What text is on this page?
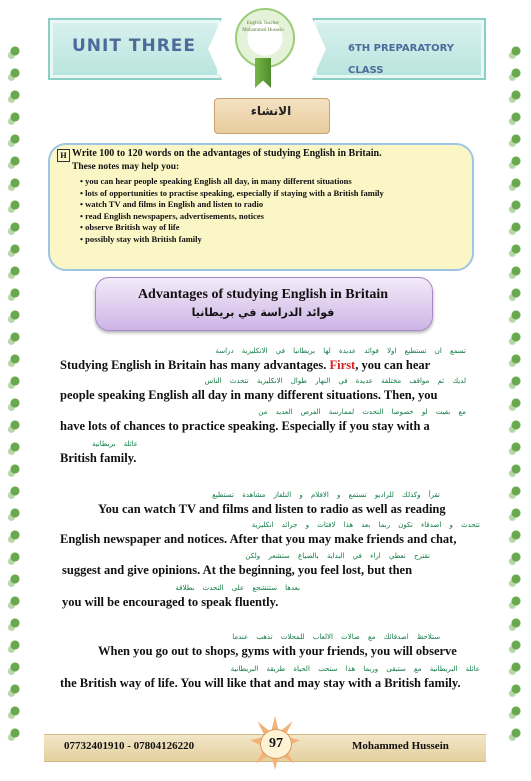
UNIT THREE	6TH PREPARATORY
CLASS
English Teacher Mohammed Hussein
الانشاء
H Write 100 to 120 words on the advantages of studying English in Britain.
These notes may help you:
• you can hear people speaking English all day, in many different situations
• lots of opportunities to practise speaking, especially if staying with a British family
• watch TV and films in English and listen to radio
• read English newspapers, advertisements, notices
• observe British way of life
• possibly stay with British family
Advantages of studying English in Britain
فوائد الدراسة في بريطانيا
تسمع ان تستطيع اولا فوائد عديدة لها بريطانيا في الانكليزية دراسة
Studying English in Britain has many advantages. First, you can hear
لديك ثم مواقف مختلفة عديدة في النهار طوال الانكليزية تتحدث الناس
people speaking English all day in many different situations. Then, you
مع بقيت لو خصوصا التحدث لممارسة الفرص العديد من
have lots of chances to practice speaking. Especially if you stay with a
عائلة بريطانية
British family.
تقرأ وكذلك للراديو تستمع و الافلام و التلفاز مشاهدة تستطيع
You can watch TV and films and listen to radio as well as reading
تتحدث و اصدقاء تكون ربما بعد هذا لافتات و جرائد انكليزية
English newspaper and notices. After that you may make friends and chat,
تقترح تعطي اراء في البداية بالضياع ستشعر ولكن
suggest and give opinions. At the beginning, you feel lost, but then
بعدها ستتشجع على التحدث بطلاقة
you will be encouraged to speak fluently.
ستلاحظ اصدقائك مع صالات الالعاب للمحلات تذهب عندما
When you go out to shops, gyms with your friends, you will observe
عائلة البريطانية مع ستبقى وربما هذا ستحب الحياة طريقة البريطانية
the British way of life. You will like that and may stay with a British family.
07732401910 - 07804126220	97	Mohammed Hussein
